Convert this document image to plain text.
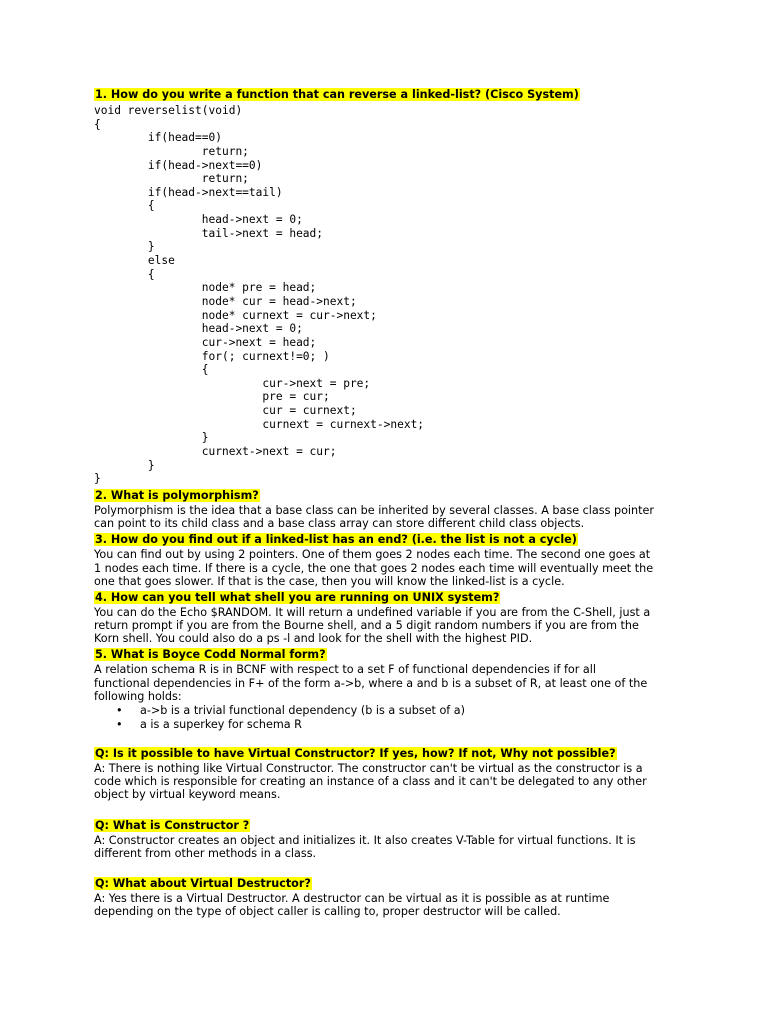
1. How do you write a function that can reverse a linked-list? (Cisco System)
void reverselist(void)
{
if(head==0)
return;
if(head->next==0)
return;
if(head->next==tail)
{
head->next = 0;
tail->next = head;
}
else
{
node* pre = head;
node* cur = head->next;
node* curnext = cur->next;
head->next = 0;
cur->next = head;
for(; curnext!=0; )
{
cur->next = pre;
pre = cur;
cur = curnext;
curnext = curnext->next;
}
curnext->next = cur;
}
}
2. What is polymorphism?
Polymorphism is the idea that a base class can be inherited by several classes. A base class pointer
can point to its child class and a base class array can store different child class objects.
3. How do you find out if a linked-list has an end? (i.e. the list is not a cycle)
You can find out by using 2 pointers. One of them goes 2 nodes each time. The second one goes at
1 nodes each time. If there is a cycle, the one that goes 2 nodes each time will eventually meet the
one that goes slower. If that is the case, then you will know the linked-list is a cycle.
4. How can you tell what shell you are running on UNIX system?
You can do the Echo $RANDOM. It will return a undefined variable if you are from the C-Shell, just a
return prompt if you are from the Bourne shell, and a 5 digit random numbers if you are from the
Korn shell. You could also do a ps -l and look for the shell with the highest PID.
5. What is Boyce Codd Normal form?
A relation schema R is in BCNF with respect to a set F of functional dependencies if for all
functional dependencies in F+ of the form a->b, where a and b is a subset of R, at least one of the
following holds:
• a->b is a trivial functional dependency (b is a subset of a)
• a is a superkey for schema R
Q: Is it possible to have Virtual Constructor? If yes, how? If not, Why not possible?
A: There is nothing like Virtual Constructor. The constructor can't be virtual as the constructor is a
code which is responsible for creating an instance of a class and it can't be delegated to any other
object by virtual keyword means.
Q: What is Constructor ?
A: Constructor creates an object and initializes it. It also creates V-Table for virtual functions. It is
different from other methods in a class.
Q: What about Virtual Destructor?
A: Yes there is a Virtual Destructor. A destructor can be virtual as it is possible as at runtime
depending on the type of object caller is calling to, proper destructor will be called.
